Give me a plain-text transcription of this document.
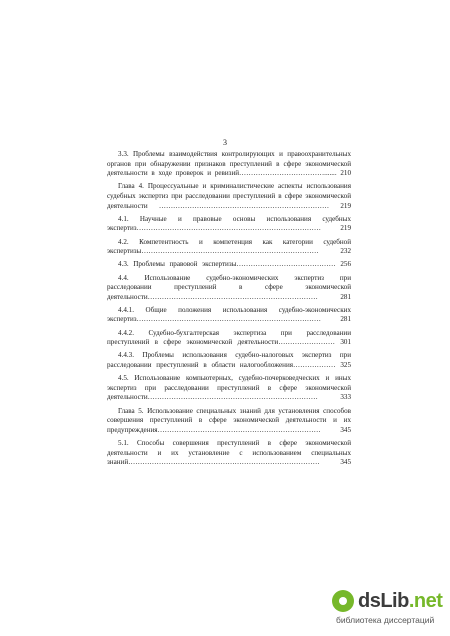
3
3.3. Проблемы взаимодействия контролирующих и правоохранительных
органов при обнаружении признаков преступлений в сфере экономической
деятельности в ходе проверок и ревизий………………………………....... 210
Глава 4. Процессуальные и криминалистические аспекты использования
судебных экспертиз при расследовании преступлений в сфере экономической
деятельности ……………………………………………………………… 219
4.1. Научные и правовые основы использования судебных
экспертиз…………………………………………………………………… 219
4.2. Компетентность и компетенция как категории судебной
экспертизы………………………………………………………………… 232
4.3. Проблемы правовой экспертизы…………………………………… 256
4.4. Использование судебно-экономических экспертиз при
расследовании преступлений в сфере экономической
деятельности……………………………………………………………… 281
4.4.1. Общие положения использования судебно-экономических
экспертиз…………………………………………………………………… 281
4.4.2. Судебно-бухгалтерская экспертиза при расследовании
преступлений в сфере экономической деятельности…………………… 301
4.4.3. Проблемы использования судебно-налоговых экспертиз при
расследовании преступлений в области налогообложения……………… 325
4.5. Использование компьютерных, судебно-почерковедческих и иных
экспертиз при расследовании преступлений в сфере экономической
деятельности……………………………………………………………… 333
Глава 5. Использование специальных знаний для установления способов
совершения преступлений в сфере экономической деятельности и их
предупреждения…………………………………………………………… 345
5.1. Способы совершения преступлений в сфере экономической
деятельности и их установление с использованием специальных
знаний……………………………………………………………………… 345
dsLib.net
библиотека диссертаций
